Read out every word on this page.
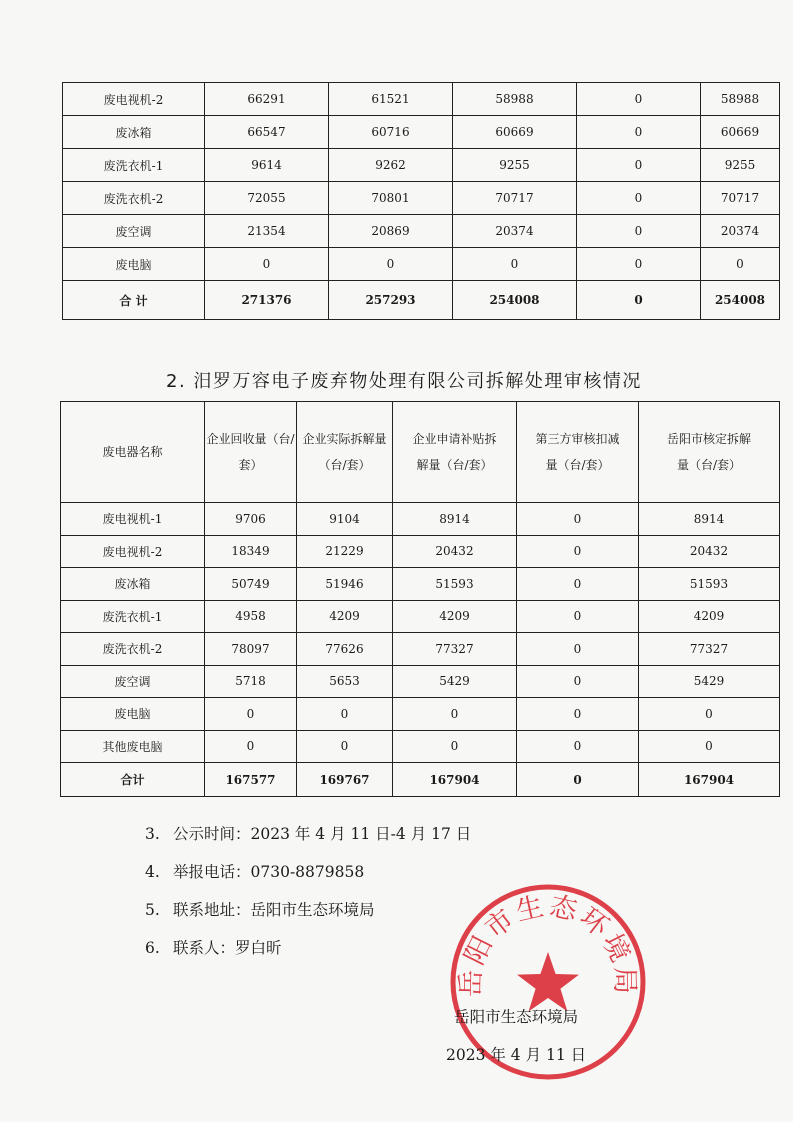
废电视机-2	66291	61521	58988	0	58988
废冰箱	66547	60716	60669	0	60669
废洗衣机-1	9614	9262	9255	0	9255
废洗衣机-2	72055	70801	70717	0	70717
废空调	21354	20869	20374	0	20374
废电脑	0	0	0	0	0
合 计	271376	257293	254008	0	254008
2. 汨罗万容电子废弃物处理有限公司拆解处理审核情况
废电器名称	企业回收量（台/套）	企业实际拆解量（台/套）	企业申请补贴拆解量（台/套）	第三方审核扣减量（台/套）	岳阳市核定拆解量（台/套）
废电视机-1	9706	9104	8914	0	8914
废电视机-2	18349	21229	20432	0	20432
废冰箱	50749	51946	51593	0	51593
废洗衣机-1	4958	4209	4209	0	4209
废洗衣机-2	78097	77626	77327	0	77327
废空调	5718	5653	5429	0	5429
废电脑	0	0	0	0	0
其他废电脑	0	0	0	0	0
合计	167577	169767	167904	0	167904
3. 公示时间：2023 年 4 月 11 日-4 月 17 日
4. 举报电话：0730-8879858
5. 联系地址：岳阳市生态环境局
6. 联系人：罗白昕
岳阳市生态环境局
岳阳市生态环境局
2023 年 4 月 11 日
